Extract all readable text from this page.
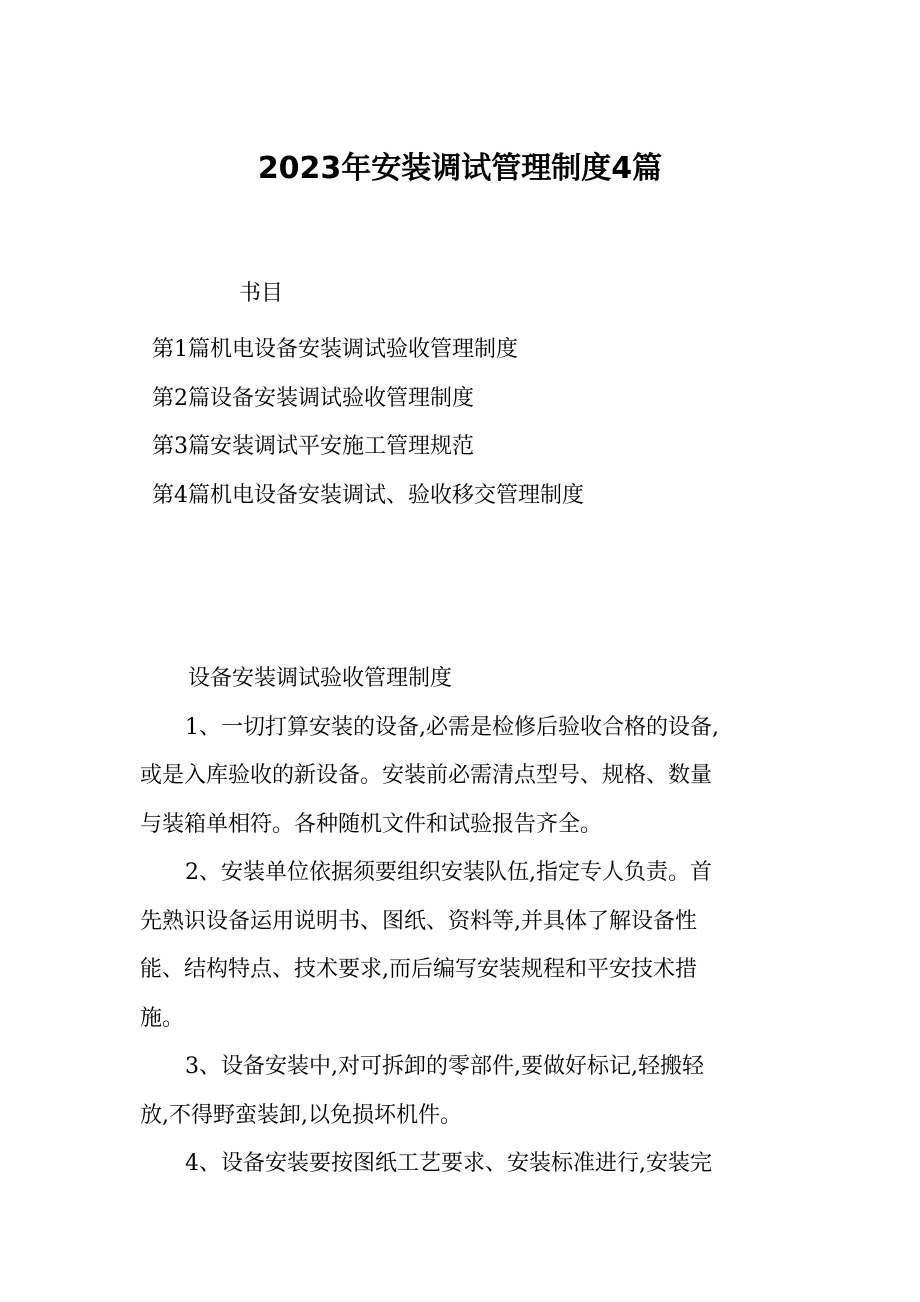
2023年安装调试管理制度4篇
书目
第1篇机电设备安装调试验收管理制度
第2篇设备安装调试验收管理制度
第3篇安装调试平安施工管理规范
第4篇机电设备安装调试、验收移交管理制度
设备安装调试验收管理制度
1、一切打算安装的设备,必需是检修后验收合格的设备,
或是入库验收的新设备。安装前必需清点型号、规格、数量
与装箱单相符。各种随机文件和试验报告齐全。
2、安装单位依据须要组织安装队伍,指定专人负责。首
先熟识设备运用说明书、图纸、资料等,并具体了解设备性
能、结构特点、技术要求,而后编写安装规程和平安技术措
施。
3、设备安装中,对可拆卸的零部件,要做好标记,轻搬轻
放,不得野蛮装卸,以免损坏机件。
4、设备安装要按图纸工艺要求、安装标准进行,安装完
